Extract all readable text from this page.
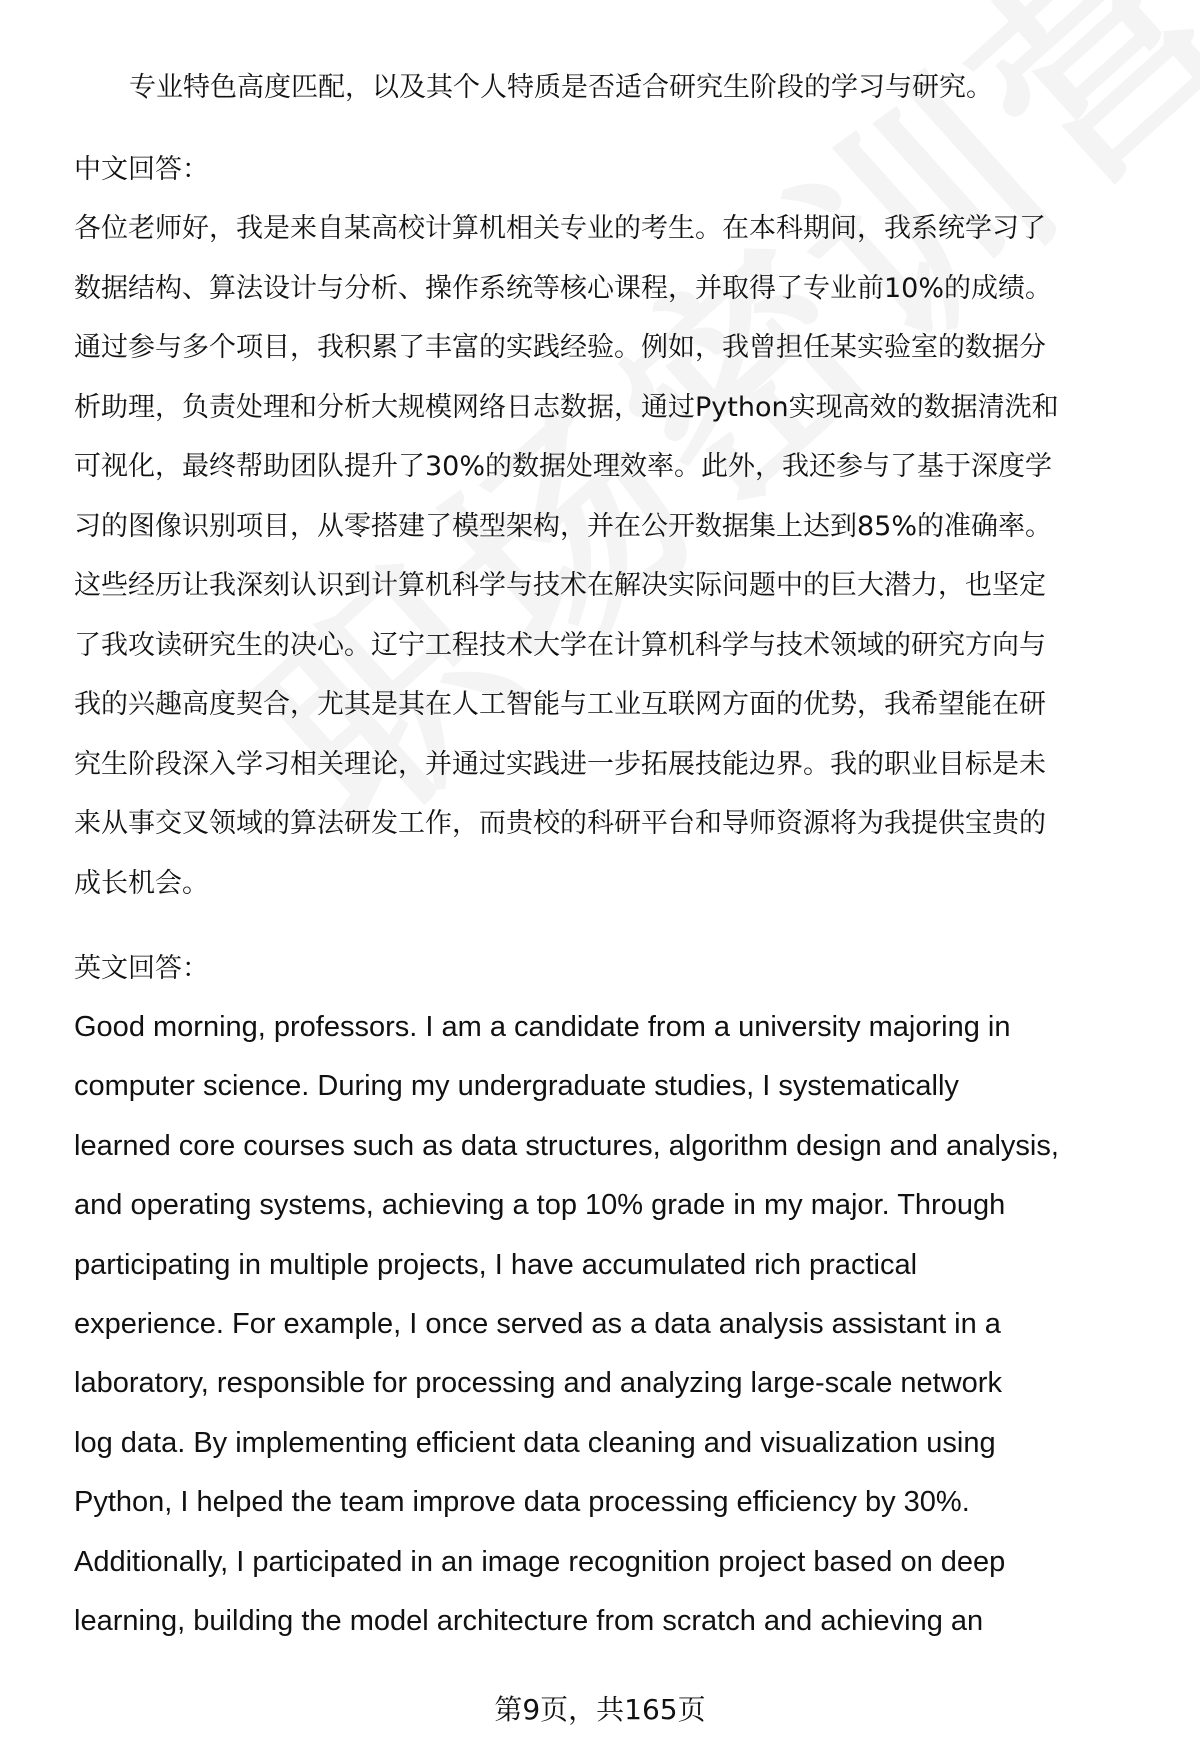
专业特色高度匹配，以及其个人特质是否适合研究生阶段的学习与研究。

中文回答：

各位老师好，我是来自某高校计算机相关专业的考生。在本科期间，我系统学习了
数据结构、算法设计与分析、操作系统等核心课程，并取得了专业前10%的成绩。
通过参与多个项目，我积累了丰富的实践经验。例如，我曾担任某实验室的数据分
析助理，负责处理和分析大规模网络日志数据，通过Python实现高效的数据清洗和
可视化，最终帮助团队提升了30%的数据处理效率。此外，我还参与了基于深度学
习的图像识别项目，从零搭建了模型架构，并在公开数据集上达到85%的准确率。
这些经历让我深刻认识到计算机科学与技术在解决实际问题中的巨大潜力，也坚定
了我攻读研究生的决心。辽宁工程技术大学在计算机科学与技术领域的研究方向与
我的兴趣高度契合，尤其是其在人工智能与工业互联网方面的优势，我希望能在研
究生阶段深入学习相关理论，并通过实践进一步拓展技能边界。我的职业目标是未
来从事交叉领域的算法研发工作，而贵校的科研平台和导师资源将为我提供宝贵的
成长机会。

英文回答：

Good morning, professors. I am a candidate from a university majoring in
computer science. During my undergraduate studies, I systematically
learned core courses such as data structures, algorithm design and analysis,
and operating systems, achieving a top 10% grade in my major. Through
participating in multiple projects, I have accumulated rich practical
experience. For example, I once served as a data analysis assistant in a
laboratory, responsible for processing and analyzing large-scale network
log data. By implementing efficient data cleaning and visualization using
Python, I helped the team improve data processing efficiency by 30%.
Additionally, I participated in an image recognition project based on deep
learning, building the model architecture from scratch and achieving an

第9页，共165页
